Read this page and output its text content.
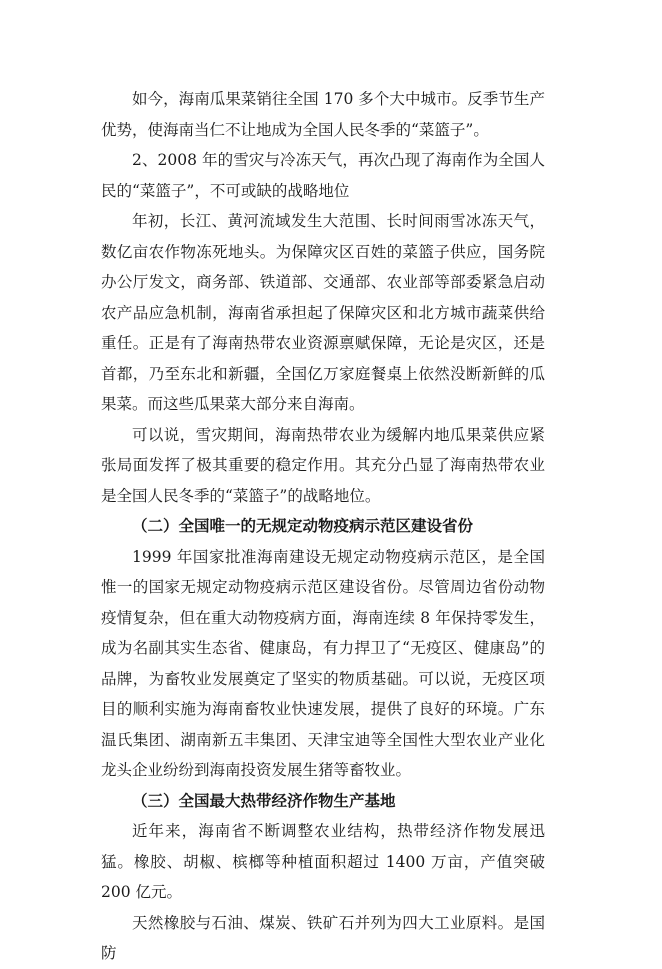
如今，海南瓜果菜销往全国 170 多个大中城市。反季节生产优势，使海南当仁不让地成为全国人民冬季的“菜篮子”。

2、2008 年的雪灾与冷冻天气，再次凸现了海南作为全国人民的“菜篮子”，不可或缺的战略地位

年初，长江、黄河流域发生大范围、长时间雨雪冰冻天气，数亿亩农作物冻死地头。为保障灾区百姓的菜篮子供应，国务院办公厅发文，商务部、铁道部、交通部、农业部等部委紧急启动农产品应急机制，海南省承担起了保障灾区和北方城市蔬菜供给重任。正是有了海南热带农业资源禀赋保障，无论是灾区，还是首都，乃至东北和新疆，全国亿万家庭餐桌上依然没断新鲜的瓜果菜。而这些瓜果菜大部分来自海南。

可以说，雪灾期间，海南热带农业为缓解内地瓜果菜供应紧张局面发挥了极其重要的稳定作用。其充分凸显了海南热带农业是全国人民冬季的“菜篮子”的战略地位。

（二）全国唯一的无规定动物疫病示范区建设省份

1999 年国家批准海南建设无规定动物疫病示范区，是全国惟一的国家无规定动物疫病示范区建设省份。尽管周边省份动物疫情复杂，但在重大动物疫病方面，海南连续 8 年保持零发生，成为名副其实生态省、健康岛，有力捍卫了“无疫区、健康岛”的品牌，为畜牧业发展奠定了坚实的物质基础。可以说，无疫区项目的顺利实施为海南畜牧业快速发展，提供了良好的环境。广东温氏集团、湖南新五丰集团、天津宝迪等全国性大型农业产业化龙头企业纷纷到海南投资发展生猪等畜牧业。

（三）全国最大热带经济作物生产基地

近年来，海南省不断调整农业结构，热带经济作物发展迅猛。橡胶、胡椒、槟榔等种植面积超过 1400 万亩，产值突破 200 亿元。

天然橡胶与石油、煤炭、铁矿石并列为四大工业原料。是国防
